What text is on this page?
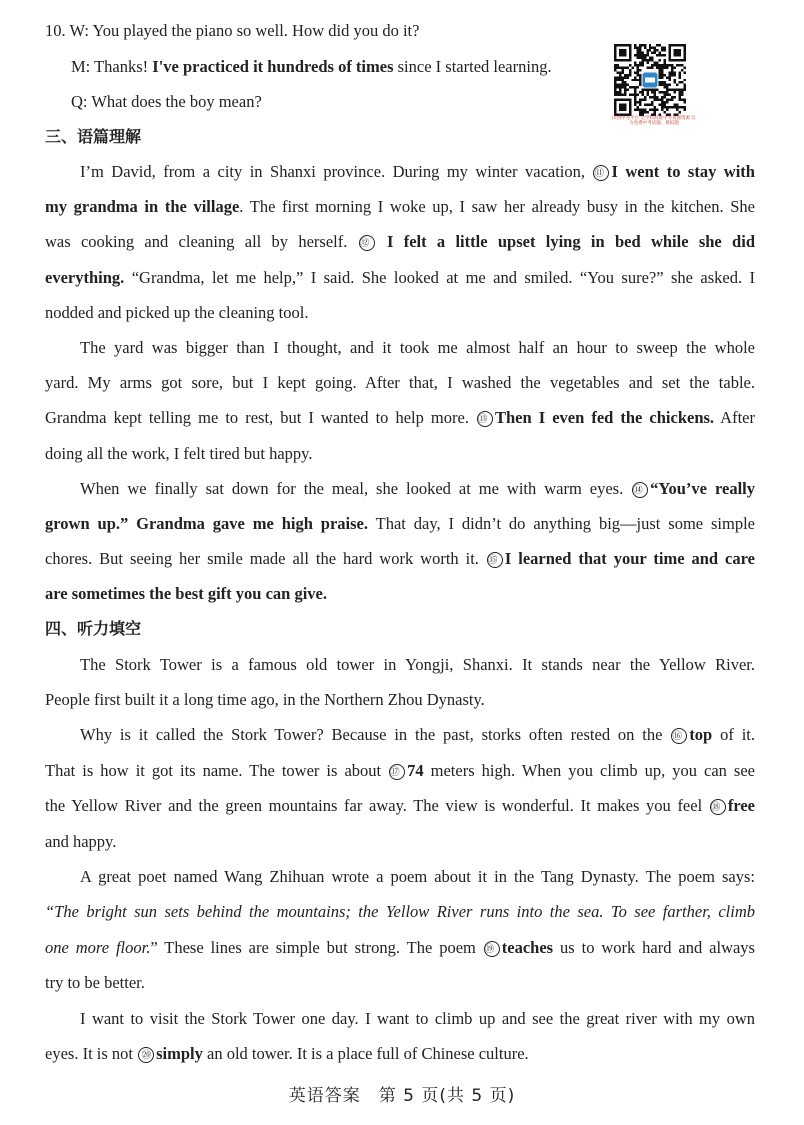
10. W: You played the piano so well. How did you do it?
M: Thanks! I've practiced it hundreds of times since I started learning.
Q: What does the boy mean?
山西中考平台 全学科海量中考真题资源 官方免费中考试题、模拟题
三、语篇理解
I’m David, from a city in Shanxi province. During my winter vacation, ⑪ I went to stay with
my grandma in the village. The first morning I woke up, I saw her already busy in the kitchen. She
was cooking and cleaning all by herself. ⑫ I felt a little upset lying in bed while she did
everything. “Grandma, let me help,” I said. She looked at me and smiled. “You sure?” she asked. I
nodded and picked up the cleaning tool.
The yard was bigger than I thought, and it took me almost half an hour to sweep the whole
yard. My arms got sore, but I kept going. After that, I washed the vegetables and set the table.
Grandma kept telling me to rest, but I wanted to help more. ⑬ Then I even fed the chickens. After
doing all the work, I felt tired but happy.
When we finally sat down for the meal, she looked at me with warm eyes. ⑭ “You’ve really
grown up.” Grandma gave me high praise. That day, I didn’t do anything big—just some simple
chores. But seeing her smile made all the hard work worth it. ⑮ I learned that your time and care
are sometimes the best gift you can give.
四、听力填空
The Stork Tower is a famous old tower in Yongji, Shanxi. It stands near the Yellow River.
People first built it a long time ago, in the Northern Zhou Dynasty.
Why is it called the Stork Tower? Because in the past, storks often rested on the ⑯ top of it.
That is how it got its name. The tower is about ⑰ 74 meters high. When you climb up, you can see
the Yellow River and the green mountains far away. The view is wonderful. It makes you feel ⑱ free
and happy.
A great poet named Wang Zhihuan wrote a poem about it in the Tang Dynasty. The poem says:
“The bright sun sets behind the mountains; the Yellow River runs into the sea. To see farther, climb
one more floor.” These lines are simple but strong. The poem ⑲ teaches us to work hard and always
try to be better.
I want to visit the Stork Tower one day. I want to climb up and see the great river with my own
eyes. It is not ⑳ simply an old tower. It is a place full of Chinese culture.
英语答案　第 5 页(共 5 页)
